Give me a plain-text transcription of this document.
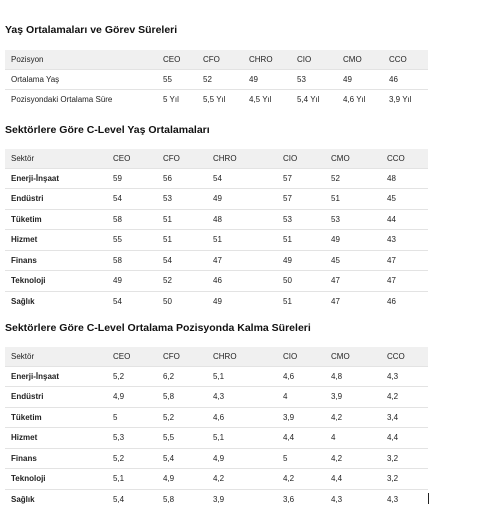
Yaş Ortalamaları ve Görev Süreleri
Pozisyon	CEO	CFO	CHRO	CIO	CMO	CCO
Ortalama Yaş	55	52	49	53	49	46
Pozisyondaki Ortalama Süre	5 Yıl	5,5 Yıl	4,5 Yıl	5,4 Yıl	4,6 Yıl	3,9 Yıl
Sektörlere Göre C-Level Yaş Ortalamaları
Sektör	CEO	CFO	CHRO	CIO	CMO	CCO
Enerji-İnşaat	59	56	54	57	52	48
Endüstri	54	53	49	57	51	45
Tüketim	58	51	48	53	53	44
Hizmet	55	51	51	51	49	43
Finans	58	54	47	49	45	47
Teknoloji	49	52	46	50	47	47
Sağlık	54	50	49	51	47	46
Sektörlere Göre C-Level Ortalama Pozisyonda Kalma Süreleri
Sektör	CEO	CFO	CHRO	CIO	CMO	CCO
Enerji-İnşaat	5,2	6,2	5,1	4,6	4,8	4,3
Endüstri	4,9	5,8	4,3	4	3,9	4,2
Tüketim	5	5,2	4,6	3,9	4,2	3,4
Hizmet	5,3	5,5	5,1	4,4	4	4,4
Finans	5,2	5,4	4,9	5	4,2	3,2
Teknoloji	5,1	4,9	4,2	4,2	4,4	3,2
Sağlık	5,4	5,8	3,9	3,6	4,3	4,3
